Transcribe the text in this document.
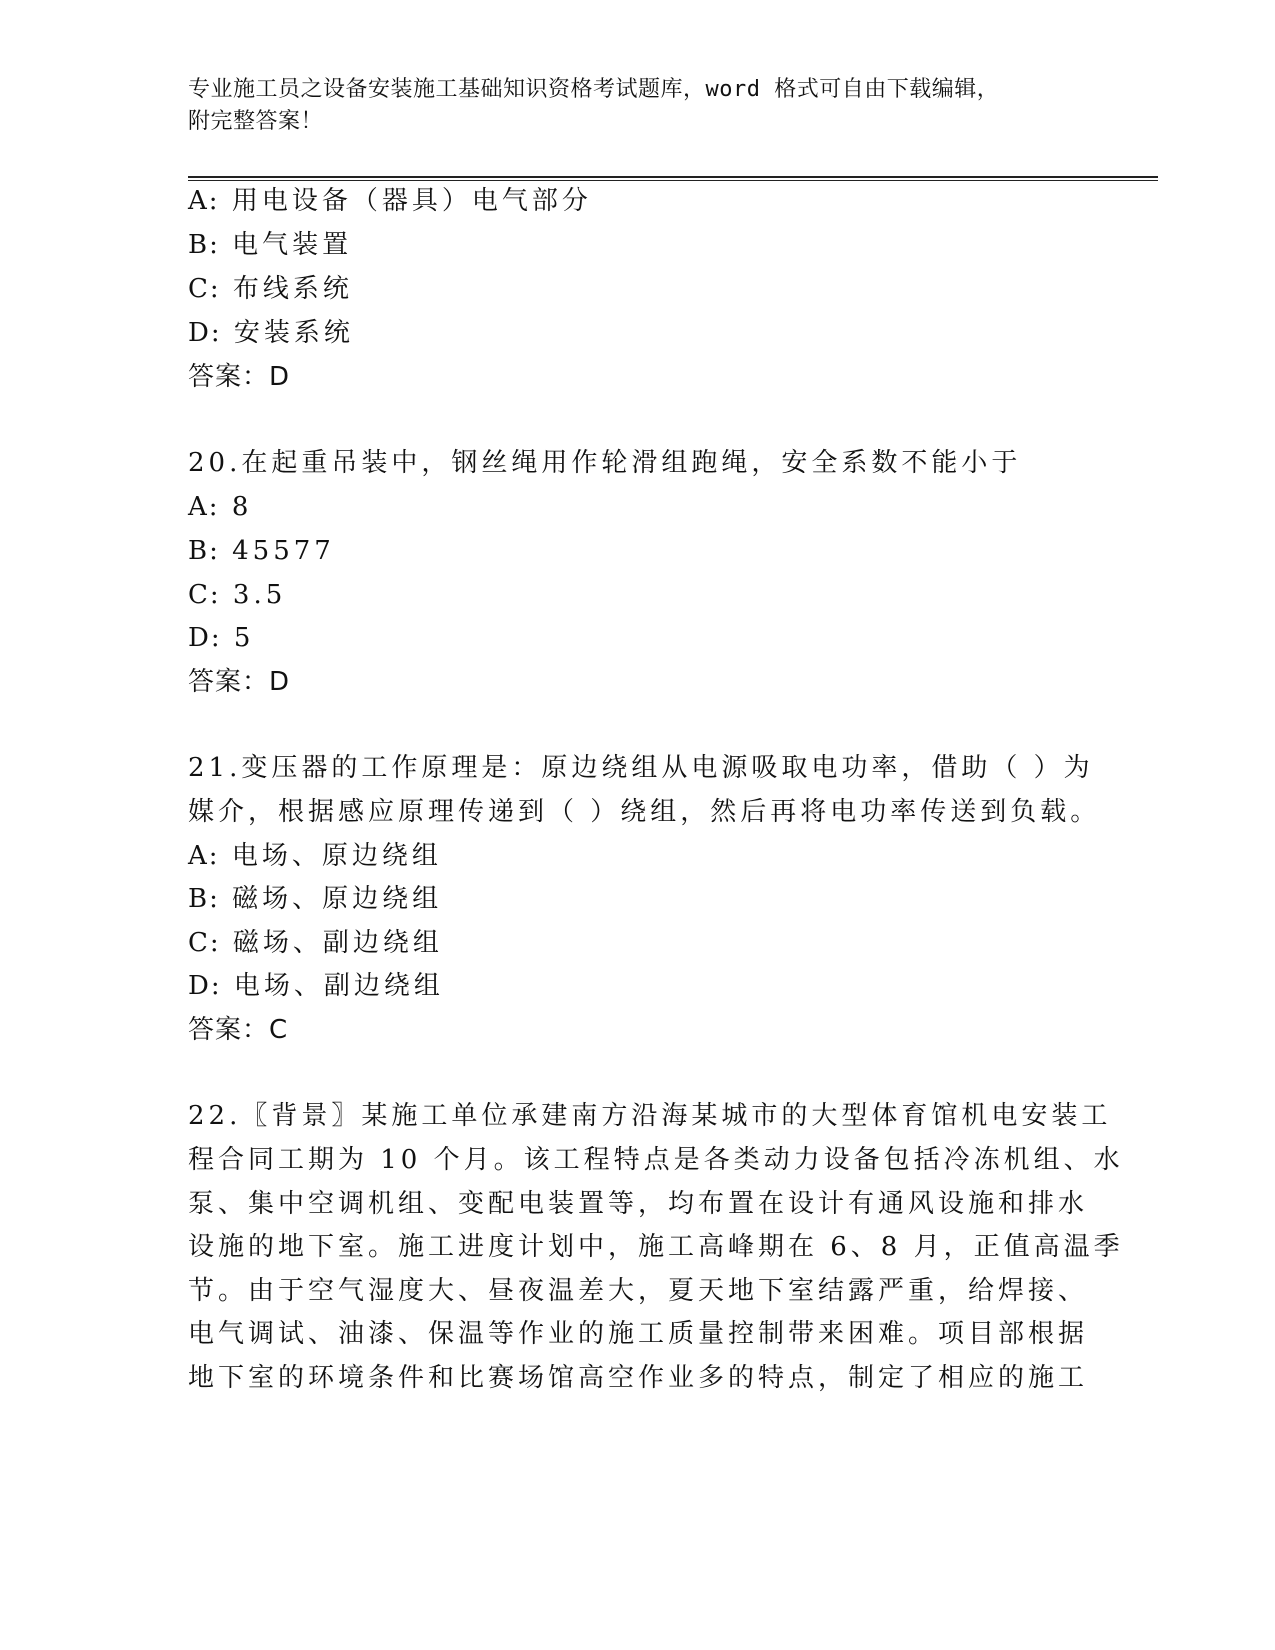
专业施工员之设备安装施工基础知识资格考试题库，word 格式可自由下载编辑，
附完整答案！
A: 用电设备（器具）电气部分
B: 电气装置
C: 布线系统
D: 安装系统
答案：D
20.在起重吊装中，钢丝绳用作轮滑组跑绳，安全系数不能小于
A: 8
B: 45577
C: 3.5
D: 5
答案：D
21.变压器的工作原理是：原边绕组从电源吸取电功率，借助（ ）为
媒介，根据感应原理传递到（ ）绕组，然后再将电功率传送到负载。
A: 电场、原边绕组
B: 磁场、原边绕组
C: 磁场、副边绕组
D: 电场、副边绕组
答案：C
22.〖背景〗某施工单位承建南方沿海某城市的大型体育馆机电安装工
程合同工期为 10 个月。该工程特点是各类动力设备包括冷冻机组、水
泵、集中空调机组、变配电装置等，均布置在设计有通风设施和排水
设施的地下室。施工进度计划中，施工高峰期在 6、8 月，正值高温季
节。由于空气湿度大、昼夜温差大，夏天地下室结露严重，给焊接、
电气调试、油漆、保温等作业的施工质量控制带来困难。项目部根据
地下室的环境条件和比赛场馆高空作业多的特点，制定了相应的施工
